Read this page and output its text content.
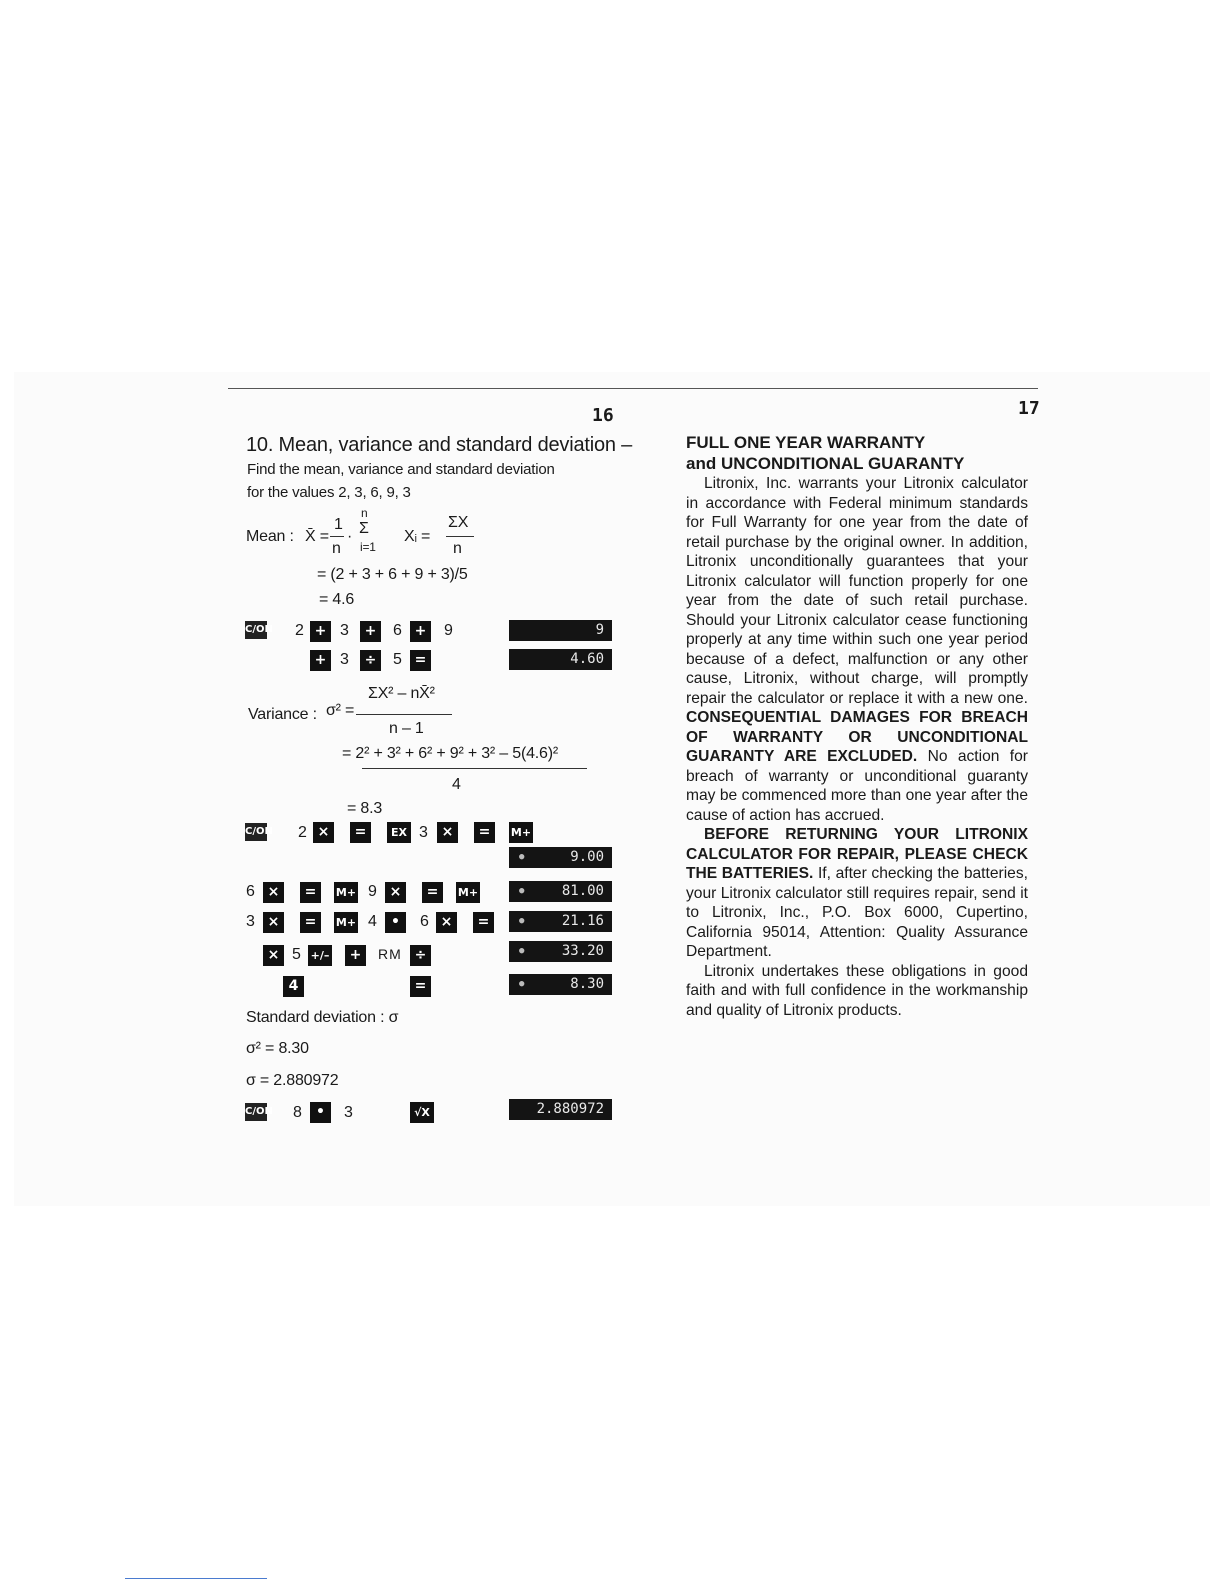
16
10. Mean, variance and standard deviation –
Find the mean, variance and standard deviation
for the values 2, 3, 6, 9, 3
Mean : X̄ =
1
n
·
n
Σ
i=1
Xᵢ =
ΣX
n
= (2 + 3 + 6 + 9 + 3)/5
= 4.6
C/ON 2 + 3	+ 6 + 9	9
+ 3	÷ 5 =	4.60
ΣX² – nX̄²
Variance : σ² =
n – 1
= 2² + 3² + 6² + 9² + 3² – 5(4.6)²
4
= 8.3
C/ON 2 ×	=	EX 3 ×	=	M+
●	9.00
6 ×	=	M+ 9 ×	=	M+	●	81.00
3 ×	=	M+ 4	•	6 ×	=	●	21.16
× 5 +/–	+	RM ÷	●	33.20
4	=	●	8.30
Standard deviation : σ
σ² = 8.30
σ = 2.880972
C/ON 8	•	3	√X	2.880972
17
FULL ONE YEAR WARRANTY
and UNCONDITIONAL GUARANTY

Litronix, Inc. warrants your Litronix calculator in accordance with Federal minimum standards for Full Warranty for one year from the date of retail purchase by the original owner. In addition, Litronix unconditionally guarantees that your Litronix calculator will function properly for one year from the date of such retail purchase. Should your Litronix calculator cease functioning properly at any time within such one year period because of a defect, malfunction or any other cause, Litronix, without charge, will promptly repair the calculator or replace it with a new one. CONSEQUENTIAL DAMAGES FOR BREACH OF WARRANTY OR UNCONDITIONAL GUARANTY ARE EXCLUDED. No action for breach of warranty or unconditional guaranty may be commenced more than one year after the cause of action has accrued.

BEFORE RETURNING YOUR LITRONIX CALCULATOR FOR REPAIR, PLEASE CHECK THE BATTERIES. If, after checking the batteries, your Litronix calculator still requires repair, send it to Litronix, Inc., P.O. Box 6000, Cupertino, California 95014, Attention: Quality Assurance Department.

Litronix undertakes these obligations in good faith and with full confidence in the workmanship and quality of Litronix products.
